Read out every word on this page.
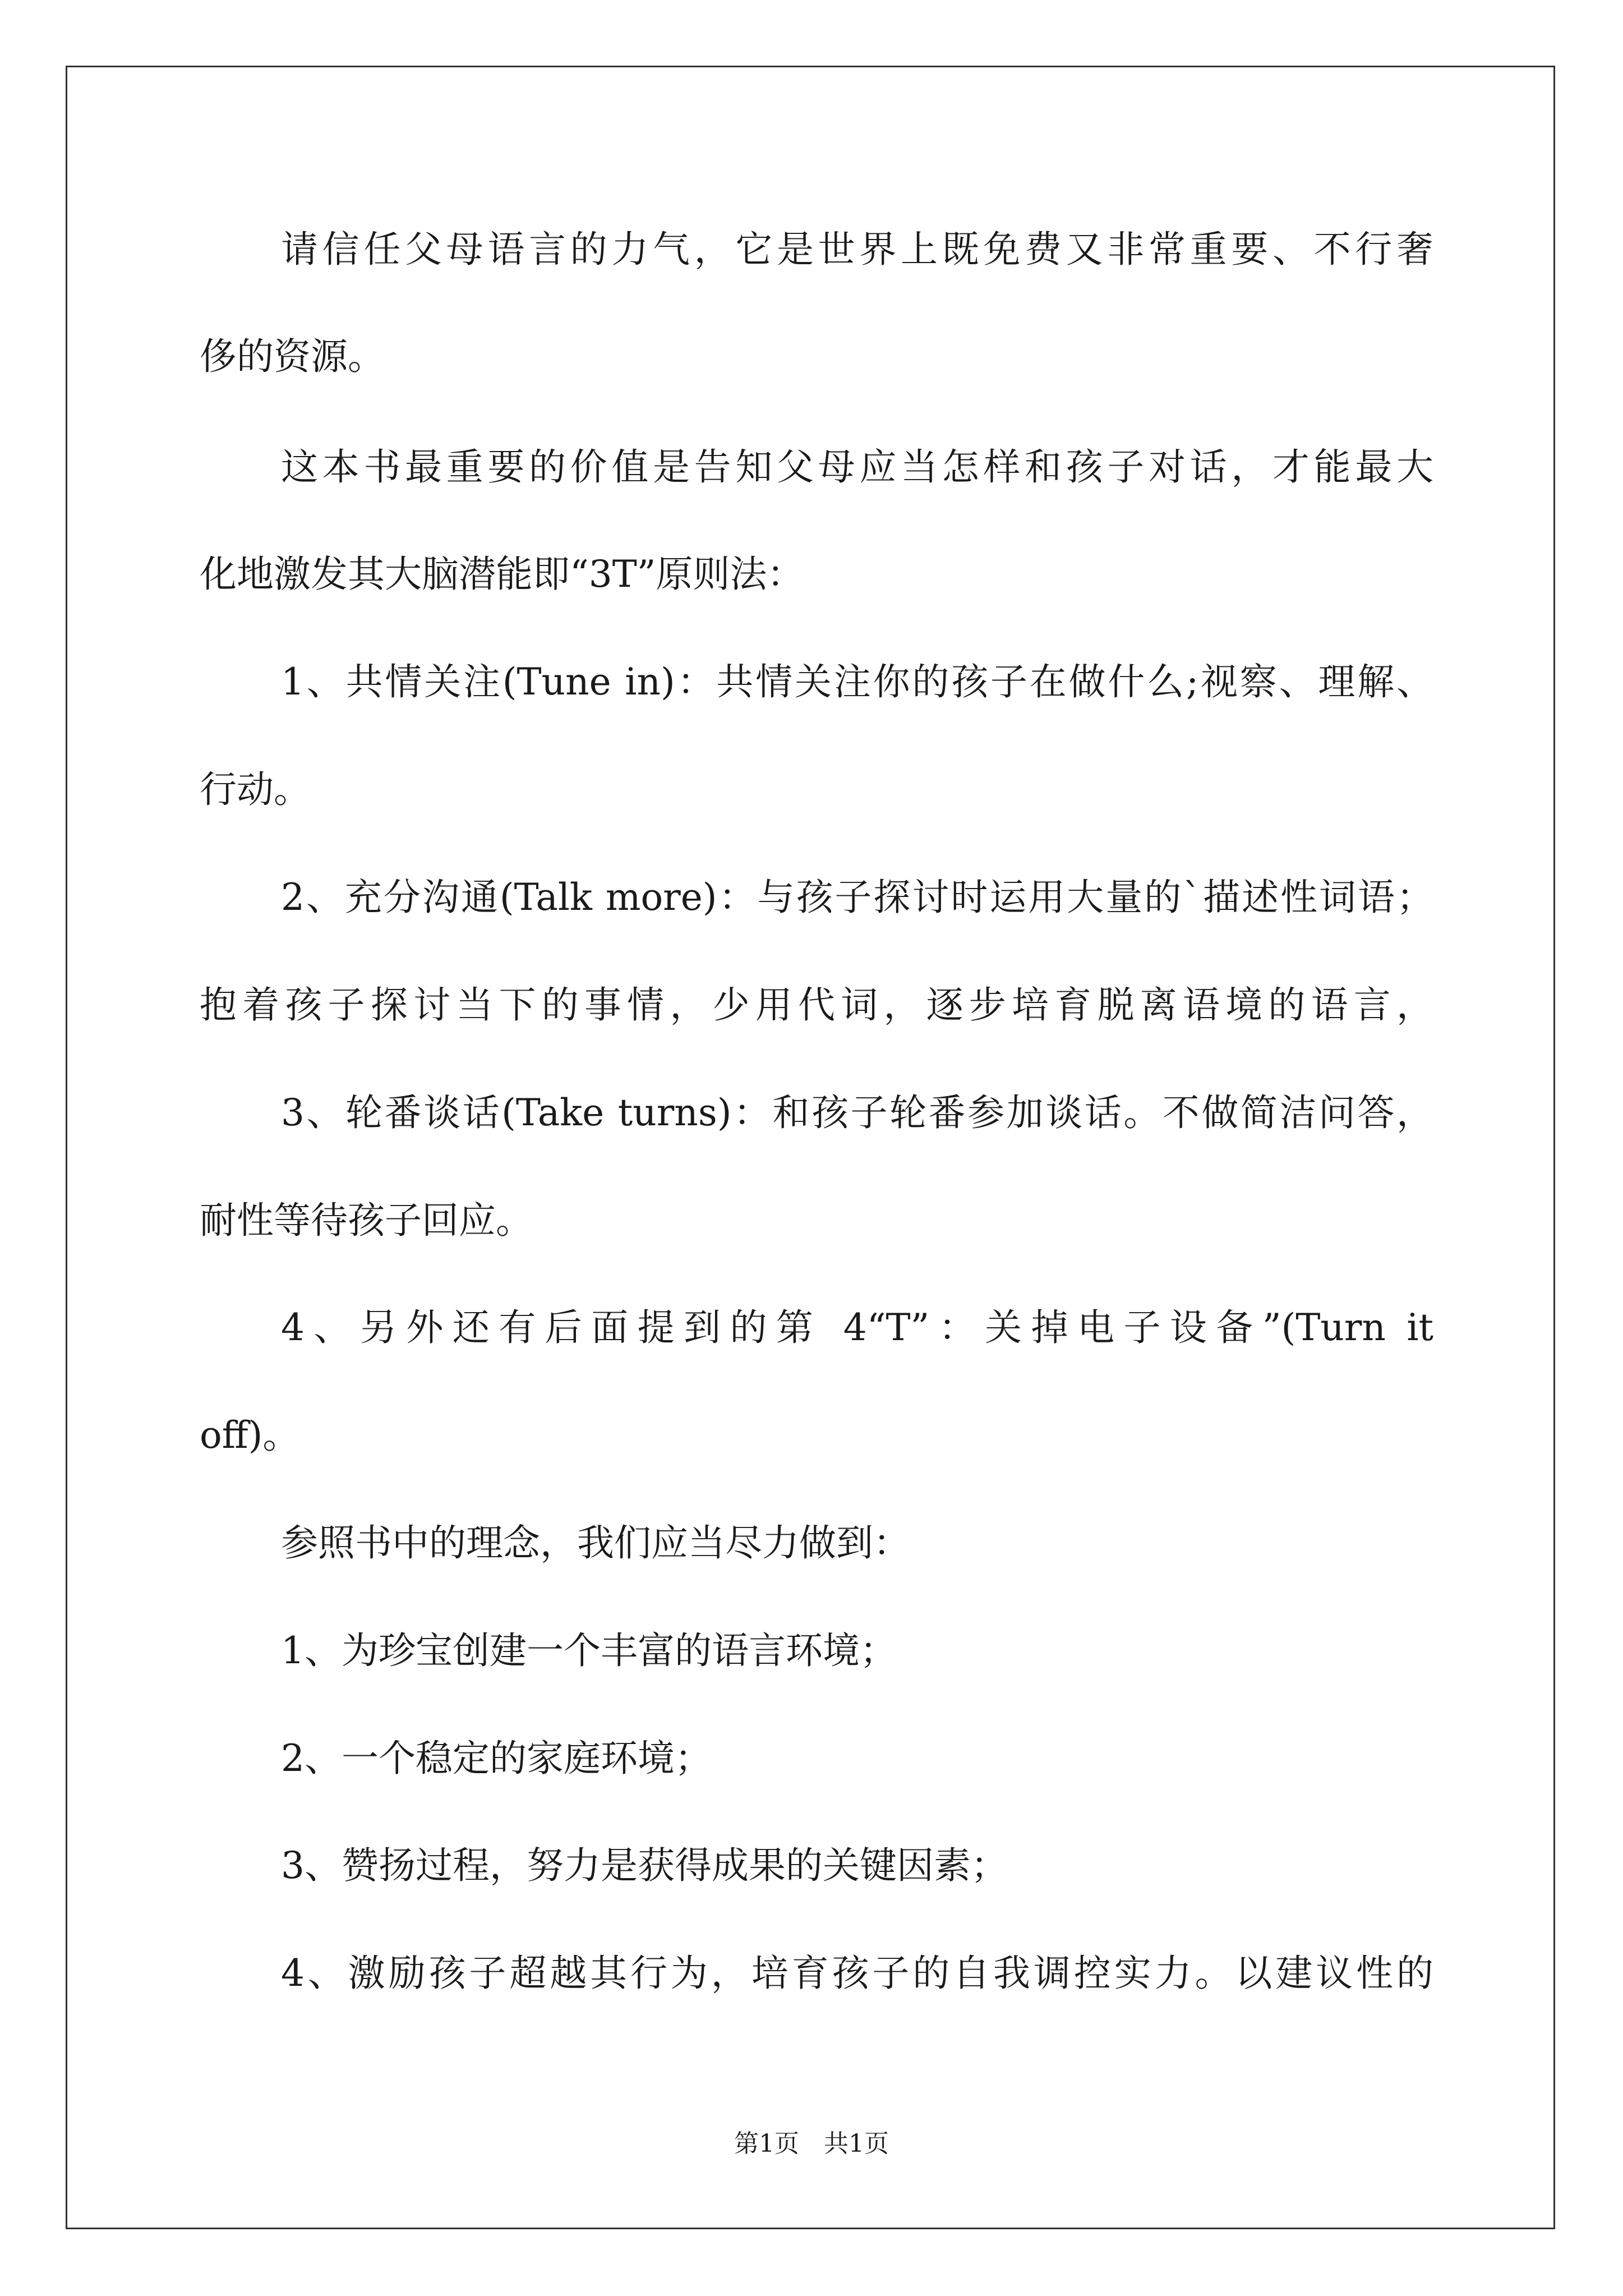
请信任父母语言的力气，它是世界上既免费又非常重要、不行奢
侈的资源。
这本书最重要的价值是告知父母应当怎样和孩子对话，才能最大
化地激发其大脑潜能即“3T”原则法：
1、共情关注(Tune in)：共情关注你的孩子在做什么;视察、理解、
行动。
2、充分沟通(Talk more)：与孩子探讨时运用大量的`描述性词语；
抱着孩子探讨当下的事情，少用代词，逐步培育脱离语境的语言，
3、轮番谈话(Take turns)：和孩子轮番参加谈话。不做简洁问答，
耐性等待孩子回应。
4、另外还有后面提到的第 4“T”：关掉电子设备”(Turn it
off)。
参照书中的理念，我们应当尽力做到：
1、为珍宝创建一个丰富的语言环境；
2、一个稳定的家庭环境；
3、赞扬过程，努力是获得成果的关键因素；
4、激励孩子超越其行为，培育孩子的自我调控实力。以建议性的
第1页 共1页
